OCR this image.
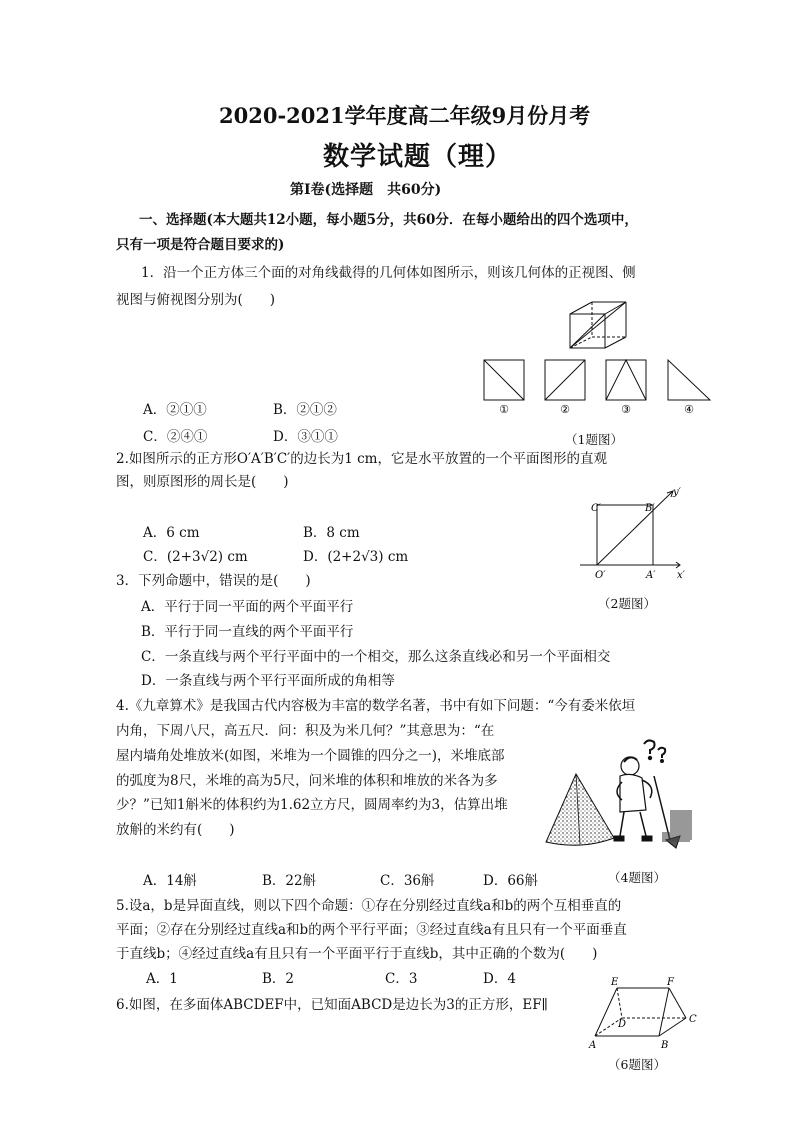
2020-2021学年度高二年级9月份月考
数学试题（理）
第Ⅰ卷(选择题　共60分)
一、选择题(本大题共12小题，每小题5分，共60分．在每小题给出的四个选项中，
只有一项是符合题目要求的)
1．沿一个正方体三个面的对角线截得的几何体如图所示，则该几何体的正视图、侧
视图与俯视图分别为(　　)
A．②①①	B．②①②
C．②④①	D．③①①
①	②	③	④
（1题图）
2.如图所示的正方形O′A′B′C′的边长为1 cm，它是水平放置的一个平面图形的直观
图，则原图形的周长是(　　)
A．6 cm	B．8 cm
C．(2+3√2) cm	D．(2+2√3) cm
C′	B′
y′
O′	A′ x′
（2题图）
3．下列命题中，错误的是(　　)
A．平行于同一平面的两个平面平行
B．平行于同一直线的两个平面平行
C．一条直线与两个平行平面中的一个相交，那么这条直线必和另一个平面相交
D．一条直线与两个平行平面所成的角相等
4.《九章算术》是我国古代内容极为丰富的数学名著，书中有如下问题：“今有委米依垣
内角，下周八尺，高五尺．问：积及为米几何？”其意思为：“在
屋内墙角处堆放米(如图，米堆为一个圆锥的四分之一)，米堆底部
的弧度为8尺，米堆的高为5尺，问米堆的体积和堆放的米各为多
少？”已知1斛米的体积约为1.62立方尺，圆周率约为3，估算出堆
放斛的米约有(　　)
A．14斛	B．22斛	C．36斛	D．66斛	（4题图）
5.设a，b是异面直线，则以下四个命题：①存在分别经过直线a和b的两个互相垂直的
平面；②存在分别经过直线a和b的两个平行平面；③经过直线a有且只有一个平面垂直
于直线b；④经过直线a有且只有一个平面平行于直线b，其中正确的个数为(　　)
A．1	B．2	C．3	D．4
6.如图，在多面体ABCDEF中，已知面ABCD是边长为3的正方形，EF∥
E	F
D	C
A	B
（6题图）
